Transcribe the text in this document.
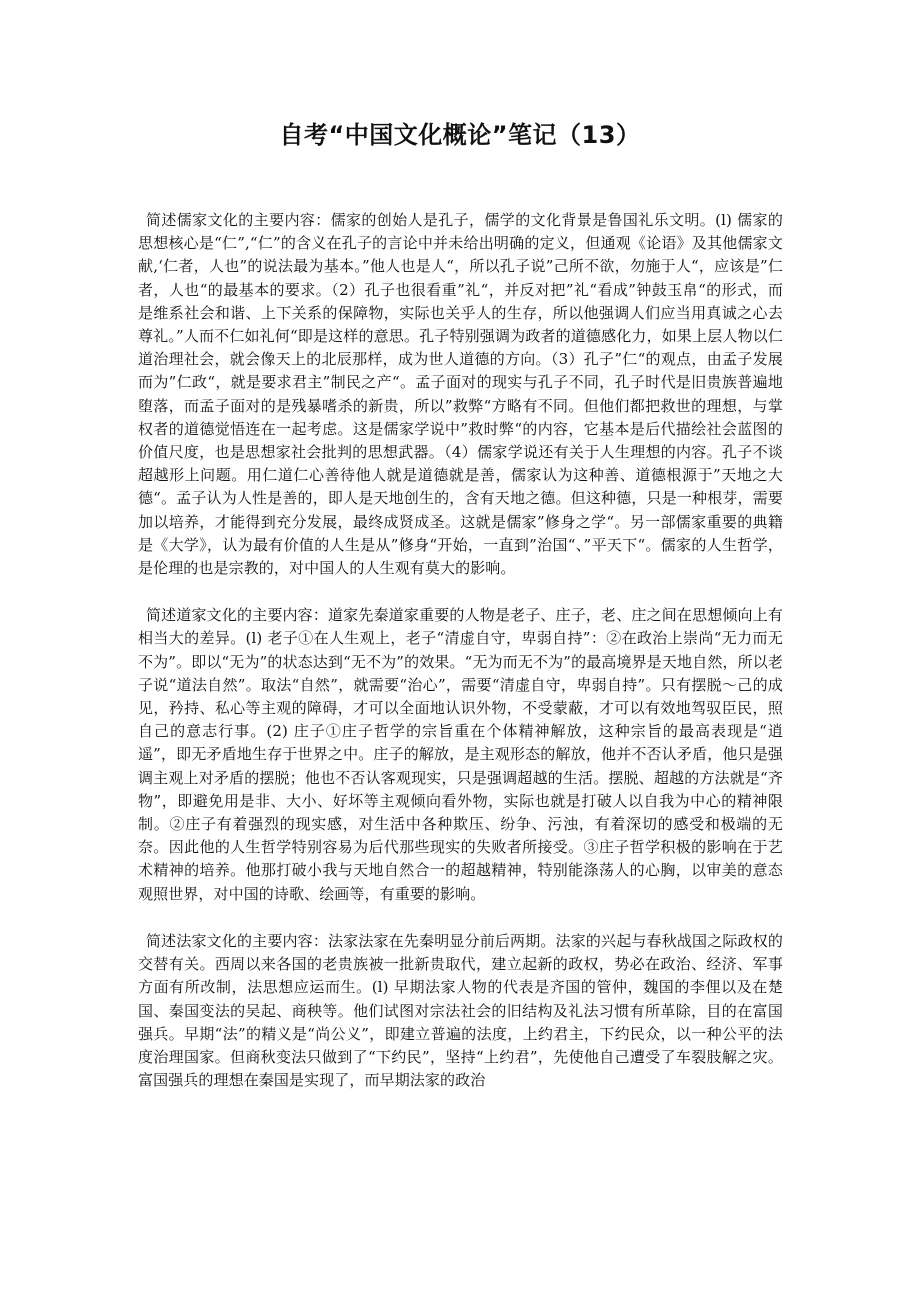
自考“中国文化概论”笔记（13）

简述儒家文化的主要内容：儒家的创始人是孔子，儒学的文化背景是鲁国礼乐文明。(l) 儒家的思想核心是“仁”,“仁”的含义在孔子的言论中并未给出明确的定义，但通观《论语》及其他儒家文献,‘仁者，人也”的说法最为基本。”他人也是人“，所以孔子说”己所不欲，勿施于人“，应该是”仁者，人也“的最基本的要求。（2）孔子也很看重”礼“，并反对把”礼“看成”钟鼓玉帛“的形式，而是维系社会和谐、上下关系的保障物，实际也关乎人的生存，所以他强调人们应当用真诚之心去尊礼。”人而不仁如礼何“即是这样的意思。孔子特别强调为政者的道德感化力，如果上层人物以仁道治理社会，就会像天上的北辰那样，成为世人道德的方向。（3）孔子”仁“的观点，由孟子发展而为”仁政“，就是要求君主”制民之产“。孟子面对的现实与孔子不同，孔子时代是旧贵族普遍地堕落，而孟子面对的是残暴嗜杀的新贵，所以”救弊“方略有不同。但他们都把救世的理想，与掌权者的道德觉悟连在一起考虑。这是儒家学说中”救时弊“的内容，它基本是后代描绘社会蓝图的价值尺度，也是思想家社会批判的思想武器。（4）儒家学说还有关于人生理想的内容。孔子不谈超越形上问题。用仁道仁心善待他人就是道德就是善，儒家认为这种善、道德根源于”天地之大德“。孟子认为人性是善的，即人是天地创生的，含有天地之德。但这种德，只是一种根芽，需要加以培养，才能得到充分发展，最终成贤成圣。这就是儒家”修身之学“。另一部儒家重要的典籍是《大学》，认为最有价值的人生是从”修身“开始，一直到”治国“、”平天下“。儒家的人生哲学，是伦理的也是宗教的，对中国人的人生观有莫大的影响。

简述道家文化的主要内容：道家先秦道家重要的人物是老子、庄子，老、庄之间在思想倾向上有相当大的差异。(l) 老子①在人生观上，老子“清虚自守，卑弱自持”：②在政治上崇尚“无力而无不为”。即以“无为”的状态达到“无不为”的效果。“无为而无不为”的最高境界是天地自然，所以老子说“道法自然”。取法“自然”，就需要“治心”，需要“清虚自守，卑弱自持”。只有摆脱～己的成见，矜持、私心等主观的障碍，才可以全面地认识外物，不受蒙蔽，才可以有效地驾驭臣民，照自己的意志行事。(2) 庄子①庄子哲学的宗旨重在个体精神解放，这种宗旨的最高表现是“逍遥”，即无矛盾地生存于世界之中。庄子的解放，是主观形态的解放，他并不否认矛盾，他只是强调主观上对矛盾的摆脱；他也不否认客观现实，只是强调超越的生活。摆脱、超越的方法就是“齐物”，即避免用是非、大小、好坏等主观倾向看外物，实际也就是打破人以自我为中心的精神限制。②庄子有着强烈的现实感，对生活中各种欺压、纷争、污浊，有着深切的感受和极端的无奈。因此他的人生哲学特别容易为后代那些现实的失败者所接受。③庄子哲学积极的影响在于艺术精神的培养。他那打破小我与天地自然合一的超越精神，特别能涤荡人的心胸，以审美的意态观照世界，对中国的诗歌、绘画等，有重要的影响。

简述法家文化的主要内容：法家法家在先秦明显分前后两期。法家的兴起与春秋战国之际政权的交替有关。西周以来各国的老贵族被一批新贵取代，建立起新的政权，势必在政治、经济、军事方面有所改制，法思想应运而生。(l) 早期法家人物的代表是齐国的管仲，魏国的李俚以及在楚国、秦国变法的吴起、商秧等。他们试图对宗法社会的旧结构及礼法习惯有所革除，目的在富国强兵。早期“法”的精义是“尚公义”，即建立普遍的法度，上约君主，下约民众，以一种公平的法度治理国家。但商秋变法只做到了“下约民”，坚持“上约君”，先使他自己遭受了车裂肢解之灾。富国强兵的理想在秦国是实现了，而早期法家的政治
